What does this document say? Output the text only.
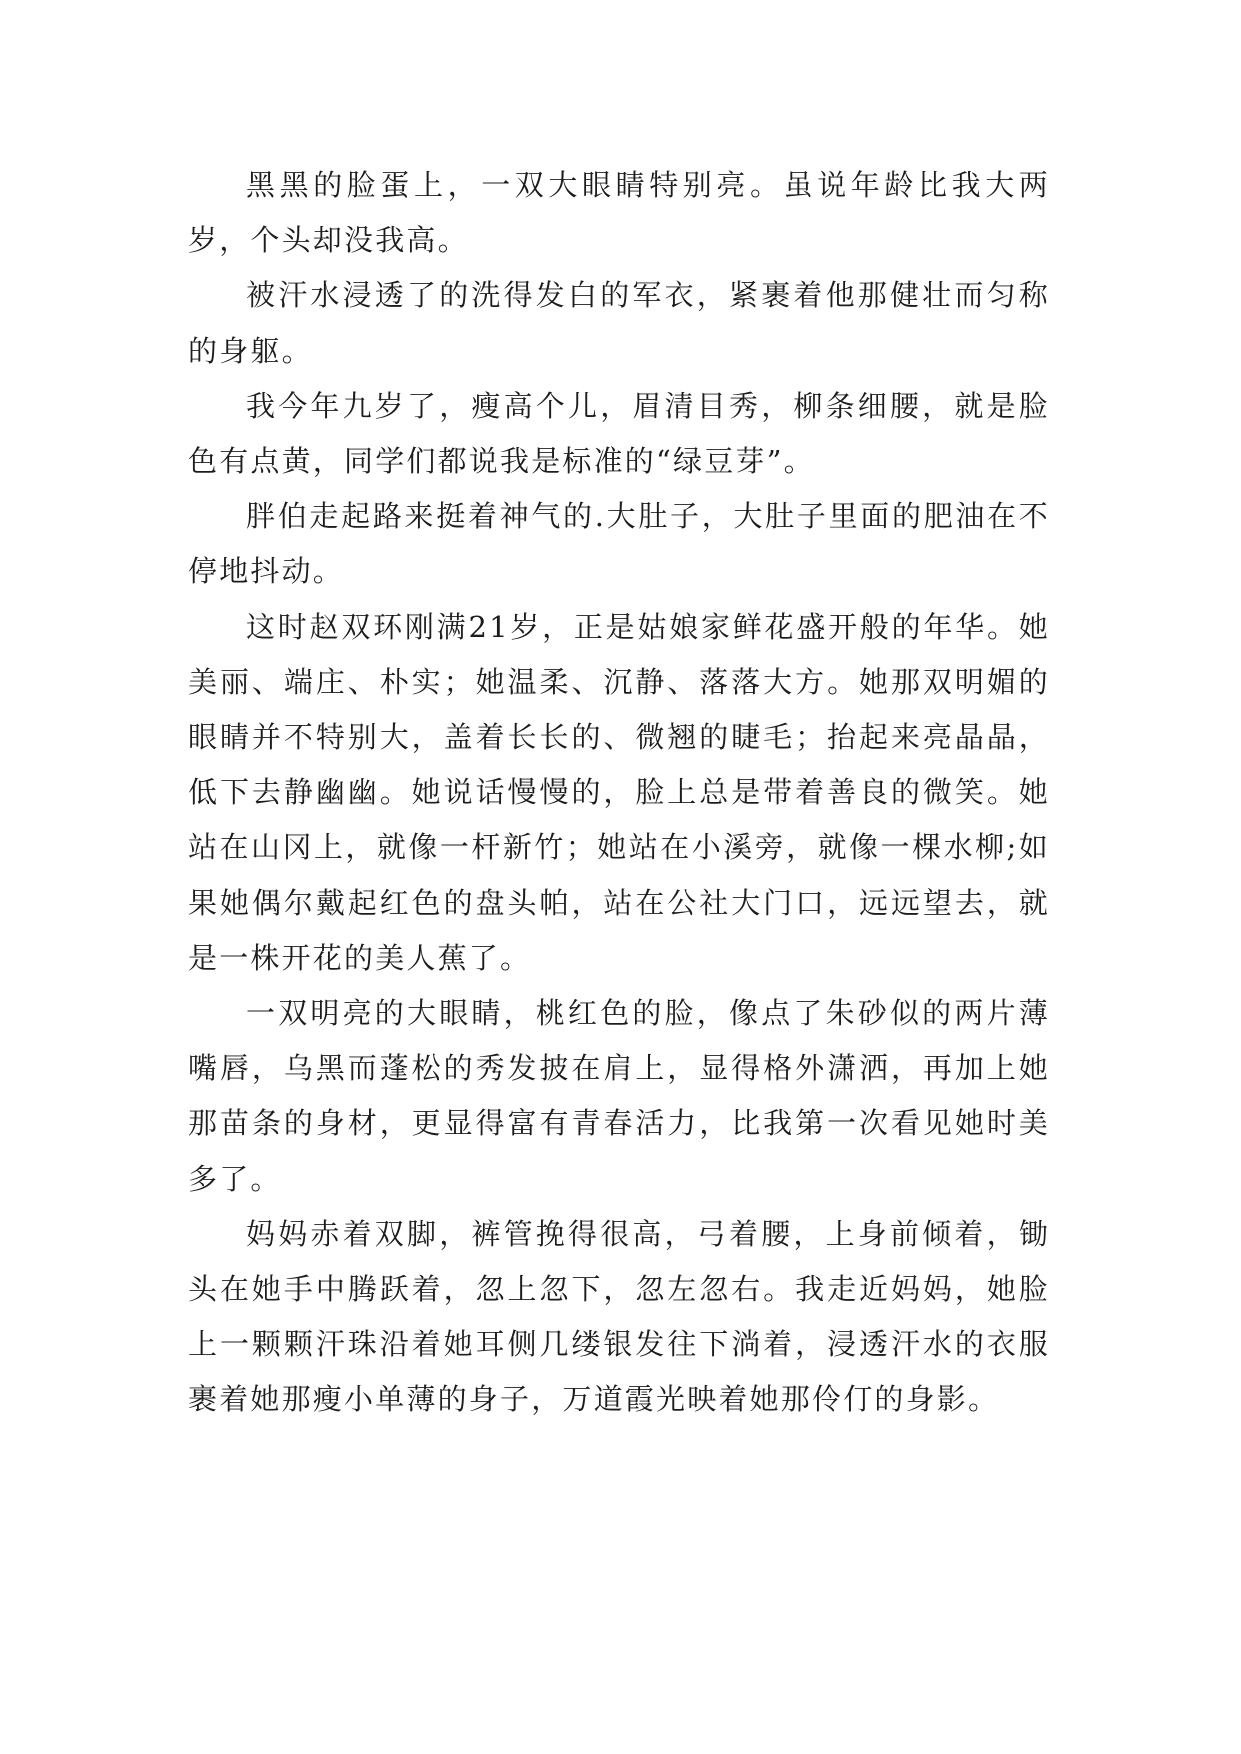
黑黑的脸蛋上，一双大眼睛特别亮。虽说年龄比我大两岁，个头却没我高。

被汗水浸透了的洗得发白的军衣，紧裹着他那健壮而匀称的身躯。

我今年九岁了，瘦高个儿，眉清目秀，柳条细腰，就是脸色有点黄，同学们都说我是标准的“绿豆芽”。

胖伯走起路来挺着神气的.大肚子，大肚子里面的肥油在不停地抖动。

这时赵双环刚满21岁，正是姑娘家鲜花盛开般的年华。她美丽、端庄、朴实；她温柔、沉静、落落大方。她那双明媚的眼睛并不特别大，盖着长长的、微翘的睫毛；抬起来亮晶晶，低下去静幽幽。她说话慢慢的，脸上总是带着善良的微笑。她站在山冈上，就像一杆新竹；她站在小溪旁，就像一棵水柳;如果她偶尔戴起红色的盘头帕，站在公社大门口，远远望去，就是一株开花的美人蕉了。

一双明亮的大眼睛，桃红色的脸，像点了朱砂似的两片薄嘴唇，乌黑而蓬松的秀发披在肩上，显得格外潇洒，再加上她那苗条的身材，更显得富有青春活力，比我第一次看见她时美多了。

妈妈赤着双脚，裤管挽得很高，弓着腰，上身前倾着，锄头在她手中腾跃着，忽上忽下，忽左忽右。我走近妈妈，她脸上一颗颗汗珠沿着她耳侧几缕银发往下淌着，浸透汗水的衣服裹着她那瘦小单薄的身子，万道霞光映着她那伶仃的身影。
